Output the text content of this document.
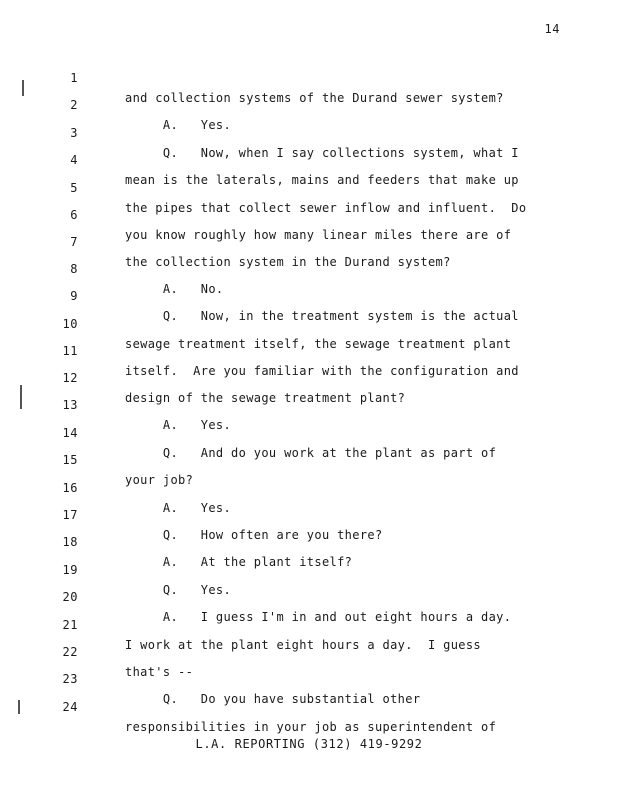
14

1

and collection systems of the Durand sewer system?

2

A.   Yes.

3

Q.   Now, when I say collections system, what I

4

mean is the laterals, mains and feeders that make up

5

the pipes that collect sewer inflow and influent.  Do

6

you know roughly how many linear miles there are of

7

the collection system in the Durand system?

8

A.   No.

9

Q.   Now, in the treatment system is the actual

10

sewage treatment itself, the sewage treatment plant

11

itself.  Are you familiar with the configuration and

12

design of the sewage treatment plant?

13

A.   Yes.

14

Q.   And do you work at the plant as part of

15

your job?

16

A.   Yes.

17

Q.   How often are you there?

18

A.   At the plant itself?

19

Q.   Yes.

20

A.   I guess I'm in and out eight hours a day.

21

I work at the plant eight hours a day.  I guess

22

that's --

23

Q.   Do you have substantial other

24

responsibilities in your job as superintendent of

L.A. REPORTING (312) 419-9292
